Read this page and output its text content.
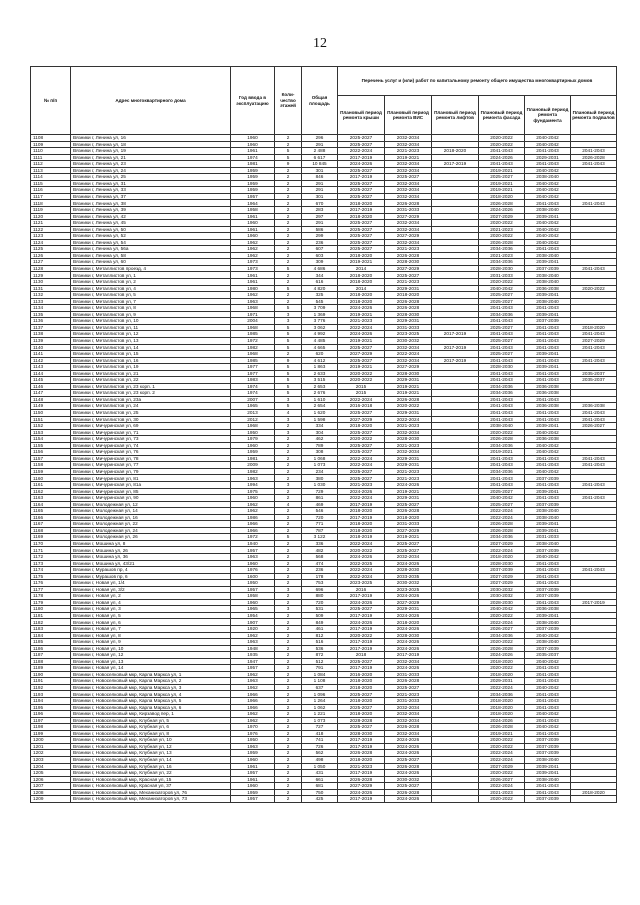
12
№ п/п	Адрес многоквартирного дома	Год ввода в эксплуатацию	Коли-чество этажей	Общая площадь	Перечень услуг и (или) работ по капитальному ремонту общего имущества многоквартирных домов					
					Плановый период ремонта крыши	Плановый период ремонта ВИС	Плановый период ремонта лифтов	Плановый период ремонта фасада	Плановый период ремонта фундамента	Плановый период ремонта подвалов
1108	Вязники г, Ленина ул, 16	1960	2	296	2025-2027	2032-2034		2020-2022	2040-2042	
1109	Вязники г, Ленина ул, 18	1960	2	291	2025-2027	2032-2034		2020-2022	2040-2042	
1110	Вязники г, Ленина ул, 19	1961	5	2 488	2022-2024	2021-2023	2018-2020	2041-2043	2041-2043	2041-2043
1111	Вязники г, Ленина ул, 21	1974	5	6 617	2017-2019	2019-2021		2024-2026	2029-2031	2026-2028
1112	Вязники г, Ленина ул, 23	1981	9	10 845	2024-2026	2032-2034	2017-2019	2041-2043	2041-2043	2041-2043
1113	Вязники г, Ленина ул, 24	1959	2	301	2025-2027	2032-2034		2019-2021	2040-2042	
1114	Вязники г, Ленина ул, 25	1959	2	846	2017-2019	2025-2027		2025-2027	2038-2040	
1115	Вязники г, Ленина ул, 31	1959	2	291	2025-2027	2032-2034		2019-2021	2040-2042	
1116	Вязники г, Ленина ул, 33	1959	2	291	2025-2027	2032-2034		2019-2021	2040-2042	
1117	Вязники г, Ленина ул, 37	1957	2	301	2025-2027	2032-2034		2018-2020	2040-2042	
1118	Вязники г, Ленина ул, 38	1964	2	670	2018-2020	2026-2028		2026-2028	2041-2043	2041-2043
1119	Вязники г, Ленина ул, 39	1958	2	283	2017-2019	2031-2033		2024-2026	2038-2040	
1120	Вязники г, Ленина ул, 42	1961	2	297	2018-2020	2027-2029		2027-2029	2039-2041	
1121	Вязники г, Ленина ул, 45	1960	2	291	2025-2027	2032-2034		2020-2022	2040-2042	
1122	Вязники г, Ленина ул, 50	1961	2	586	2025-2027	2032-2034		2021-2023	2040-2042	
1123	Вязники г, Ленина ул, 52	1960	2	299	2025-2027	2027-2029		2020-2022	2040-2042	
1124	Вязники г, Ленина ул, 54	1962	2	236	2025-2027	2032-2034		2026-2028	2040-2042	
1125	Вязники г, Ленина ул, 56а	1962	2	607	2025-2027	2021-2023		2034-2036	2041-2043	
1126	Вязники г, Ленина ул, 58	1962	2	603	2018-2020	2026-2028		2021-2023	2038-2040	
1127	Вязники г, Ленина ул, 60	1973	2	309	2019-2021	2028-2030		2034-2036	2039-2041	
1128	Вязники г, Металлистов проезд, 4	1973	5	4 686	2014	2027-2029		2028-2030	2037-2039	2041-2043
1129	Вязники г, Металлистов ул, 1	1961	2	344	2018-2020	2025-2027		2031-2033	2038-2040	
1130	Вязники г, Металлистов ул, 2	1961	2	616	2018-2020	2021-2023		2020-2022	2038-2040	
1131	Вязники г, Металлистов ул, 4	1980	5	4 820	2014	2029-2031		2040-2042	2036-2038	2020-2022
1132	Вязники г, Металлистов ул, 5	1962	2	325	2018-2020	2018-2020		2025-2027	2039-2041	
1133	Вязники г, Металлистов ул, 7	1963	2	545	2018-2020	2026-2028		2025-2027	2038-2040	
1134	Вязники г, Металлистов ул, 8	1968	5	3 709	2024-2026	2026-2028		2041-2043	2041-2043	
1135	Вязники г, Металлистов ул, 9	1971	3	1 369	2019-2021	2028-2030		2034-2036	2039-2041	
1136	Вязники г, Металлистов ул, 10	2004	3	3 776	2021-2023	2029-2031		2041-2043	2037-2039	
1137	Вязники г, Металлистов ул, 11	1968	5	3 062	2022-2024	2031-2033		2025-2027	2041-2043	2018-2020
1138	Вязники г, Металлистов ул, 12	1985	5	4 992	2024-2026	2023-2025	2017-2019	2041-2043	2041-2043	2041-2043
1139	Вязники г, Металлистов ул, 13	1972	5	4 485	2019-2021	2030-2032		2025-2027	2041-2043	2027-2029
1140	Вязники г, Металлистов ул, 14	1982	5	4 665	2025-2027	2032-2034	2017-2019	2041-2043	2041-2043	2041-2043
1141	Вязники г, Металлистов ул, 15	1968	2	620	2027-2029	2022-2024		2025-2027	2039-2041	
1142	Вязники г, Металлистов ул, 16	1985	9	4 612	2025-2027	2032-2034	2017-2019	2041-2043	2041-2043	2041-2043
1143	Вязники г, Металлистов ул, 19	1977	5	1 863	2019-2021	2027-2029		2028-2030	2039-2041	
1144	Вязники г, Металлистов ул, 21	1977	5	2 633	2020-2022	2028-2030		2041-2043	2041-2043	2035-2037
1145	Вязники г, Металлистов ул, 22	1983	5	3 515	2020-2022	2029-2031		2041-2043	2041-2043	2035-2037
1146	Вязники г, Металлистов ул, 23 корп. 1	1974	5	2 653	2015	2019-2021		2034-2036	2036-2038	
1147	Вязники г, Металлистов ул, 23 корп. 2	1974	5	2 676	2015	2019-2021		2034-2036	2036-2038	
1148	Вязники г, Металлистов ул, 23а	2007	3	1 610	2022-2024	2026-2028		2041-2043	2041-2043	
1149	Вязники г, Металлистов ул, 24	1965	5	2 654	2016-2018	2020-2022		2041-2043	2036-2038	2036-2038
1150	Вязники г, Металлистов ул, 25	2013	4	1 620	2025-2027	2029-2031		2041-2043	2041-2043	2041-2043
1151	Вязники г, Металлистов ул, 30	2012	3	1 598	2027-2029	2022-2024		2041-2043	2041-2043	2041-2043
1152	Вязники г, Мичуринская ул, 69	1968	2	334	2018-2020	2021-2023		2038-2040	2039-2041	2026-2027
1153	Вязники г, Мичуринская ул, 71	1950	3	304	2025-2027	2032-2034		2020-2022	2040-2042	
1154	Вязники г, Мичуринская ул, 73	1979	2	462	2020-2022	2028-2030		2026-2028	2036-2038	
1155	Вязники г, Мичуринская ул, 74	1960	2	789	2025-2027	2021-2023		2034-2036	2040-2042	
1156	Вязники г, Мичуринская ул, 76	1959	2	308	2025-2027	2032-2034		2019-2021	2040-2042	
1157	Вязники г, Мичуринская ул, 78	1981	2	1 068	2022-2024	2029-2031		2041-2043	2041-2043	2041-2043
1158	Вязники г, Мичуринская ул, 77	2009	2	1 073	2022-2024	2029-2031		2041-2043	2041-2043	2041-2043
1159	Вязники г, Мичуринская ул, 79	1982	2	234	2025-2027	2021-2023		2034-2036	2040-2042	
1160	Вязники г, Мичуринская ул, 81	1963	2	380	2025-2027	2021-2023		2041-2043	2037-2039	
1161	Вязники г, Мичуринская ул, 81а	1994	3	1 030	2021-2023	2024-2026		2041-2043	2041-2043	2041-2043
1162	Вязники г, Мичуринская ул, 85	1975	2	729	2024-2026	2019-2021		2025-2027	2039-2041	
1163	Вязники г, Мичуринская ул, 90	1960	2	861	2022-2024	2029-2031		2040-2042	2041-2043	2041-2043
1164	Вязники г, Молодежная ул, 12	1962	4	469	2017-2019	2025-2027		2025-2027	2037-2039	
1165	Вязники г, Молодежная ул, 14	1962	2	546	2018-2020	2026-2028		2022-2024	2038-2040	
1166	Вязники г, Молодежная ул, 16	1986	2	720	2017-2019	2018-2020		2022-2024	2038-2040	
1167	Вязники г, Молодежная ул, 22	1966	2	771	2018-2020	2031-2033		2026-2028	2039-2041	
1168	Вязники г, Молодежная ул, 24	1966	2	787	2018-2020	2027-2029		2026-2028	2039-2041	
1169	Вязники г, Молодежная ул, 26	1972	5	3 122	2018-2019	2019-2021		2034-2036	2031-2033	
1170	Вязники г, Мошина ул, 8	1940	2	336	2022-2024	2025-2027		2027-2029	2038-2040	
1171	Вязники г, Мошина ул, 26	1957	2	482	2020-2022	2025-2027		2022-2024	2037-2039	
1172	Вязники г, Мошина ул, 36	1963	2	568	2024-2026	2032-2034		2018-2020	2040-2042	
1173	Вязники г, Мошина ул, 43/21	1960	2	474	2022-2025	2024-2026		2028-2030	2041-2043	
1174	Вязники г, Мурашов пр, 4	1976	2	236	2022-2024	2028-2030		2037-2039	2041-2043	2041-2043
1175	Вязники г, Мурашов пр, 6	1600	2	178	2022-2024	2033-2035		2027-2029	2041-2043	
1176	Вязники г, Новая ул, 1/4	1950	2	753	2023-2025	2030-2032		2027-2029	2041-2043	
1177	Вязники г, Новая ул, 3/2	1957	3	696	2016	2023-2025		2030-2032	2037-2039	
1178	Вязники г, Новая ул, 2	1958	2	880	2017-2019	2024-2026		2030-2032	2037-2039	
1179	Вязники г, Новая ул, 4	1960	2	720	2024-2026	2027-2029		2028-2030	2041-2043	2017-2019
1180	Вязники г, Новая ул, 3	1965	3	531	2025-2027	2029-2031		2040-2042	2036-2038	
1181	Вязники г, Новая ул, 5	1954	2	509	2017-2019	2024-2026		2020-2022	2039-2041	
1182	Вязники г, Новая ул, 6	1907	2	849	2024-2026	2018-2020		2022-2024	2038-2040	
1183	Вязники г, Новая ул, 7	1920	2	461	2017-2019	2024-2026		2026-2027	2037-2039	
1184	Вязники г, Новая ул, 8	1962	2	812	2020-2022	2028-2030		2034-2036	2040-2042	
1185	Вязники г, Новая ул, 9	1963	2	516	2017-2019	2024-2026		2020-2022	2038-2040	
1186	Вязники г, Новая ул, 10	1948	2	536	2017-2019	2024-2026		2026-2028	2037-2039	
1187	Вязники г, Новая ул, 12	1935	2	872	2018	2017-2019		2024-2026	2035-2037	
1188	Вязники г, Новая ул, 13	1947	2	512	2025-2027	2032-2034		2018-2020	2040-2042	
1189	Вязники г, Новая ул, 14	1957	2	791	2017-2019	2024-2026		2020-2022	2041-2043	
1190	Вязники г, Новоселковый мкр, Карла Маркса ул, 1	1962	2	1 084	2016-2020	2031-2033		2018-2020	2041-2043	
1191	Вязники г, Новоселковый мкр, Карла Маркса ул, 2	1963	2	1 108	2018-2020	2026-2028		2029-2031	2041-2043	
1192	Вязники г, Новоселковый мкр, Карла Маркса ул, 3	1962	2	637	2018-2020	2025-2027		2022-2024	2040-2042	
1193	Вязники г, Новоселковый мкр, Карла Маркса ул, 4	1966	2	1 096	2025-2027	2021-2023		2034-2036	2041-2043	
1194	Вязники г, Новоселковый мкр, Карла Маркса ул, 5	1966	2	1 264	2018-2020	2031-2033		2018-2020	2041-2043	
1195	Вязники г, Новоселковый мкр, Карла Маркса ул, 6	1966	2	1 062	2025-2027	2032-2034		2018-2020	2041-2043	
1196	Вязники г, Новоселковый мкр, Кирзавод пер, 1	1962	2	1 221	2018-2020	2032-2034		2018-2020	2040-2042	
1197	Вязники г, Новоселковый мкр, Клубная ул, 5	1962	2	1 073	2028-2028	2032-2034		2024-2026	2041-2043	
1198	Вязники г, Новоселковый мкр, Клубная ул, 6	1970	2	727	2025-2027	2026-2028		2026-2028	2040-2042	
1199	Вязники г, Новоселковый мкр, Клубная ул, 8	1976	2	418	2028-2030	2032-2034		2019-2021	2041-2043	
1200	Вязники г, Новоселковый мкр, Клубная ул, 10	1950	2	741	2017-2019	2024-2026		2020-2022	2037-2039	
1201	Вязники г, Новоселковый мкр, Клубная ул, 12	1963	2	726	2017-2019	2024-2026		2020-2022	2037-2039	
1202	Вязники г, Новоселковый мкр, Клубная ул, 13	1959	2	562	2026-2028	2024-2026		2022-2024	2037-2039	
1203	Вязники г, Новоселковый мкр, Клубная ул, 14	1960	2	498	2018-2020	2025-2027		2022-2024	2038-2040	
1204	Вязники г, Новоселковый мкр, Клубная ул, 16	1961	2	1 050	2021-2023	2026-2028		2027-2029	2039-2041	
1205	Вязники г, Новоселковый мкр, Клубная ул, 22	1957	2	431	2017-2019	2024-2026		2020-2022	2039-2041	
1206	Вязники г, Новоселковый мкр, Красная ул, 15	1961	2	661	2026-2028	2030-2032		2026-2027	2038-2040	
1207	Вязники г, Новоселковый мкр, Красная ул, 37	1960	2	681	2027-2029	2025-2027		2022-2024	2041-2043	
1208	Вязники г, Новоселковый мкр, Механизаторов ул, 76	1959	2	750	2024-2026	2026-2028		2021-2023	2041-2043	2018-2020
1209	Вязники г, Новоселковый мкр, Механизаторов ул, 73	1957	2	425	2017-2019	2024-2026		2020-2022	2037-2039	
